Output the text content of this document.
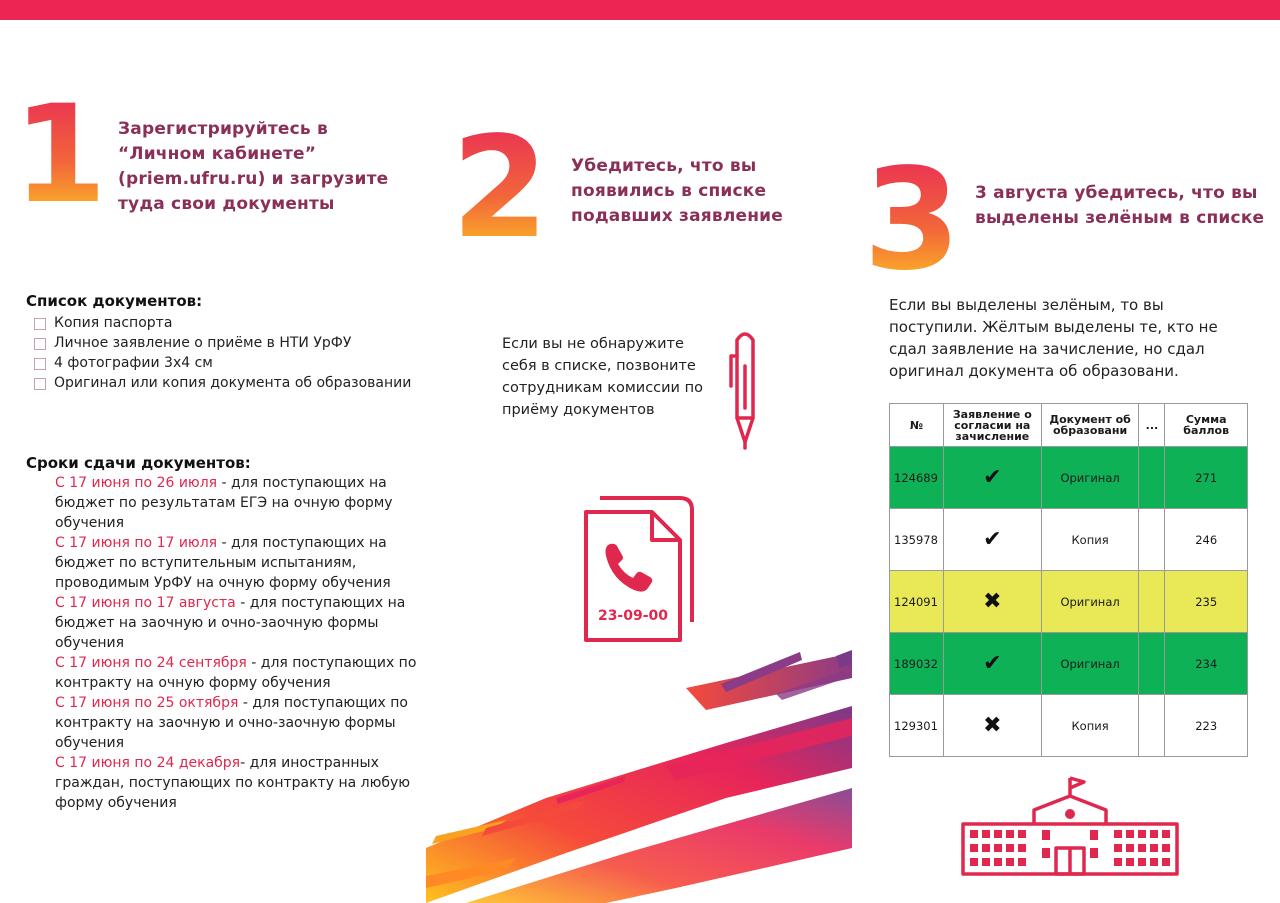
1 2 3
Зарегистрируйтесь в “Личном кабинете” (priem.ufru.ru) и загрузите туда свои документы
Убедитесь, что вы появились в списке подавших заявление
3 августа убедитесь, что вы выделены зелёным в списке
Список документов:
Копия паспорта
Личное заявление о приёме в НТИ УрФУ
4 фотографии 3х4 см
Оригинал или копия документа об образовании
Сроки сдачи документов:
С 17 июня по 26 июля - для поступающих на бюджет по результатам ЕГЭ на очную форму обучения
С 17 июня по 17 июля - для поступающих на бюджет по вступительным испытаниям, проводимым УрФУ на очную форму обучения
С 17 июня по 17 августа - для поступающих на бюджет на заочную и очно-заочную формы обучения
С 17 июня по 24 сентября - для поступающих по контракту на очную форму обучения
С 17 июня по 25 октября - для поступающих по контракту на заочную и очно-заочную формы обучения
С 17 июня по 24 декабря- для иностранных граждан, поступающих по контракту на любую форму обучения
Если вы не обнаружите себя в списке, позвоните сотрудникам комиссии по приёму документов
23-09-00
Если вы выделены зелёным, то вы поступили. Жёлтым выделены те, кто не сдал заявление на зачисление, но сдал оригинал документа об образовани.
№	Заявление о согласии на зачисление	Документ об образовани	...	Сумма баллов
124689	✔	Оригинал		271
135978	✔	Копия		246
124091	✖	Оригинал		235
189032	✔	Оригинал		234
129301	✖	Копия		223
